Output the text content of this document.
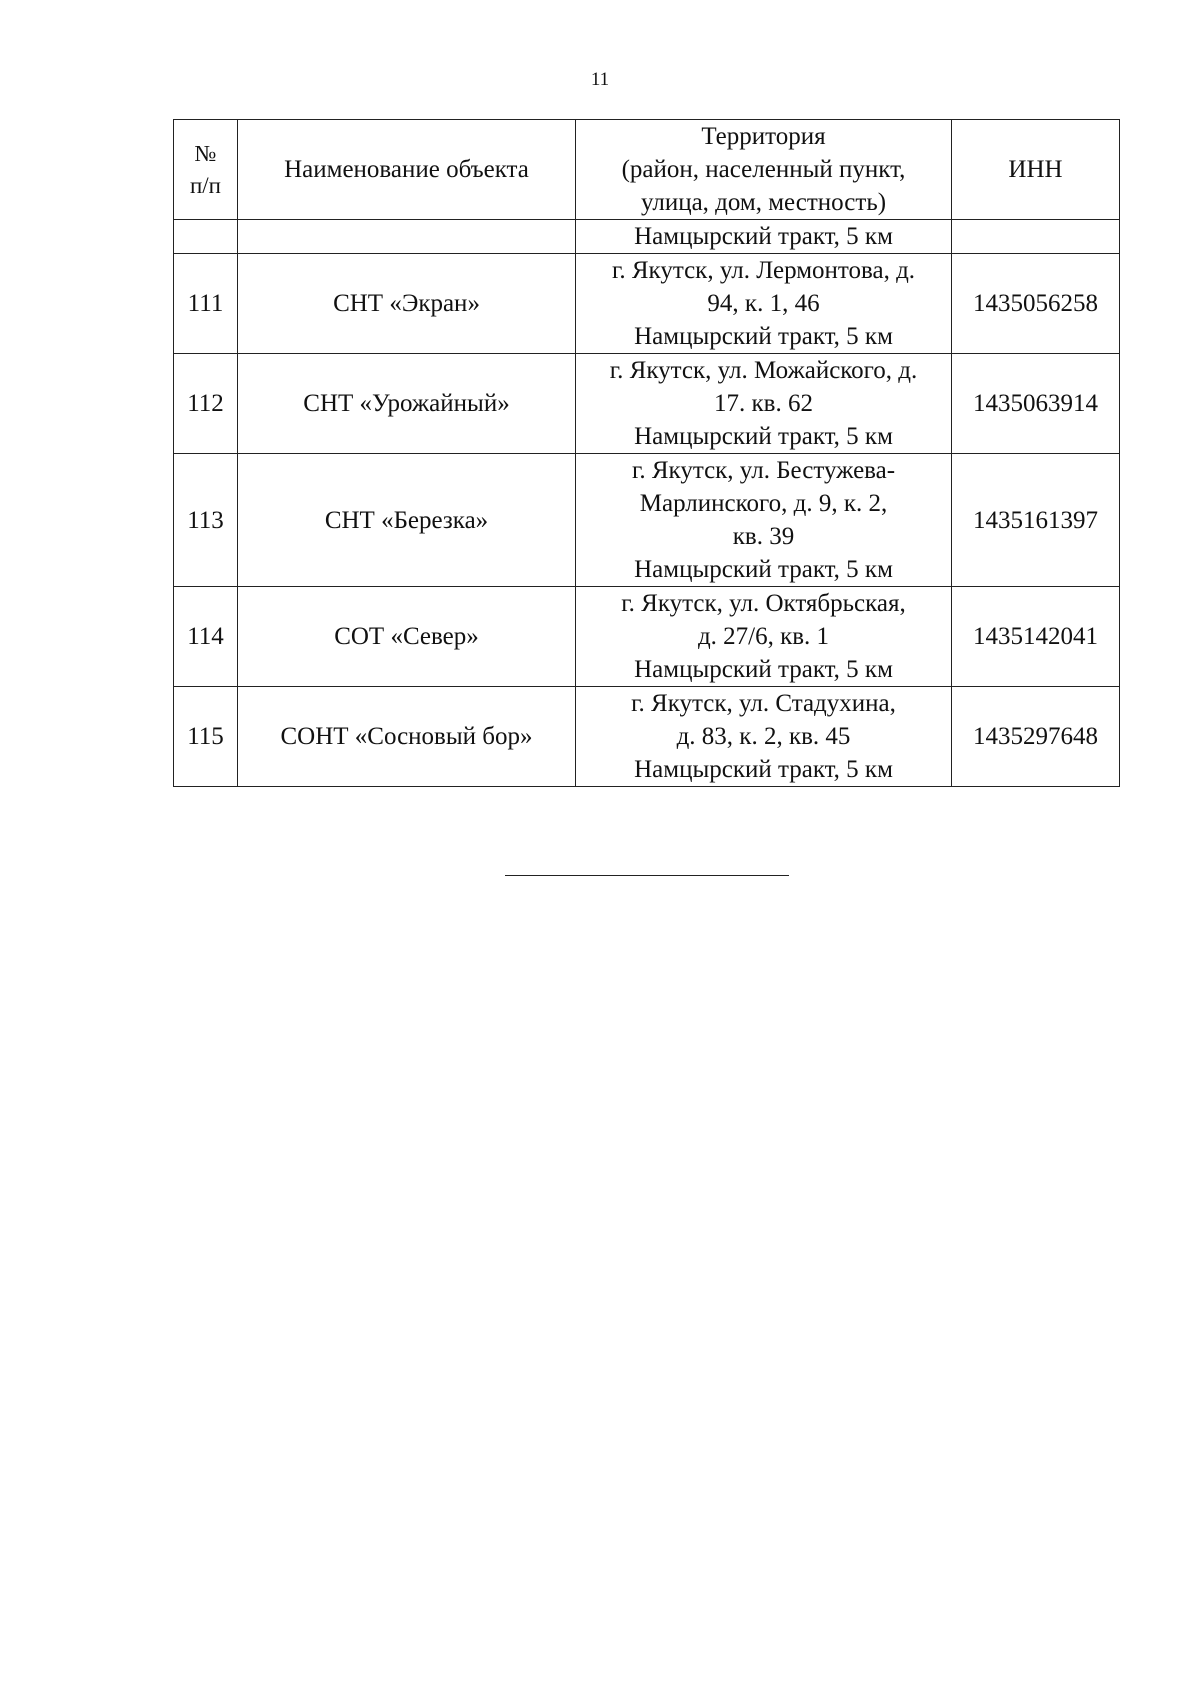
11
№
п/п	Наименование объекта	Территория
(район, населенный пункт,
улица, дом, местность)	ИНН
		Намцырский тракт, 5 км	
111	СНТ «Экран»	г. Якутск, ул. Лермонтова, д.
94, к. 1, 46
Намцырский тракт, 5 км	1435056258
112	СНТ «Урожайный»	г. Якутск, ул. Можайского, д.
17. кв. 62
Намцырский тракт, 5 км	1435063914
113	СНТ «Березка»	г. Якутск, ул. Бестужева-
Марлинского, д. 9, к. 2,
кв. 39
Намцырский тракт, 5 км	1435161397
114	СОТ «Север»	г. Якутск, ул. Октябрьская,
д. 27/6, кв. 1
Намцырский тракт, 5 км	1435142041
115	СОНТ «Сосновый бор»	г. Якутск, ул. Стадухина,
д. 83, к. 2, кв. 45
Намцырский тракт, 5 км	1435297648
